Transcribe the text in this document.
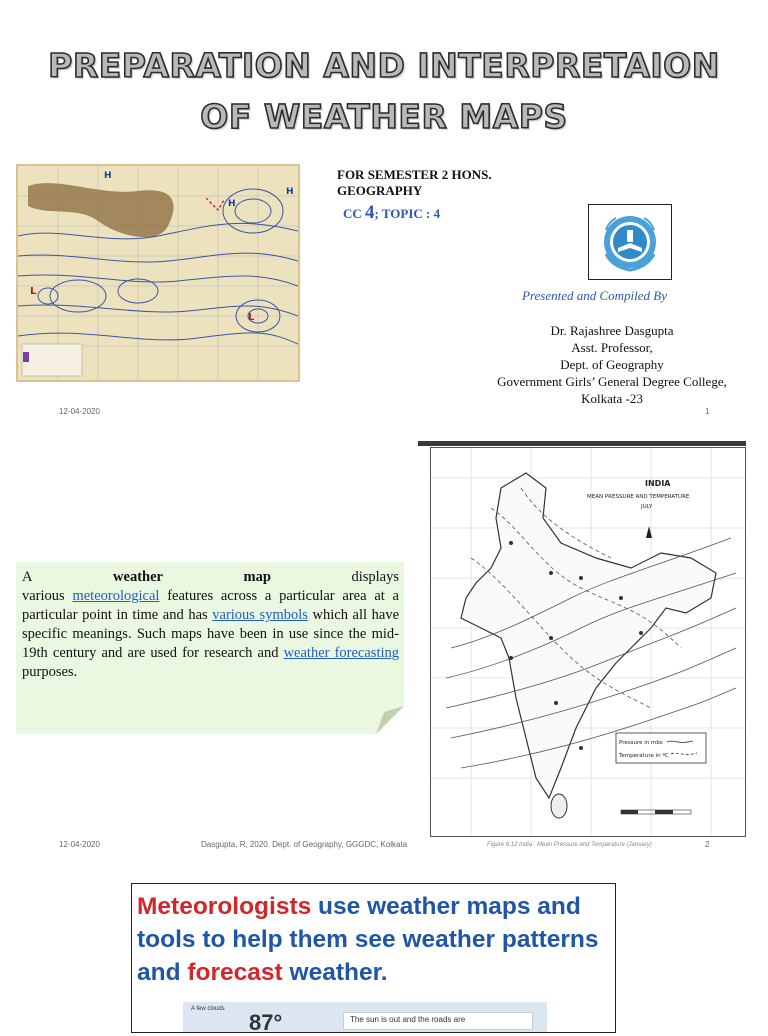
PREPARATION AND INTERPRETAION
OF WEATHER MAPS
H
H
H
L
L
FOR SEMESTER 2 HONS.
GEOGRAPHY
CC 4; TOPIC : 4
Presented and Compiled By
Dr. Rajashree Dasgupta
Asst. Professor,
Dept. of Geography
Government Girls’ General Degree College,
Kolkata -23
12-04-2020	1
INDIA
MEAN PRESSURE AND TEMPERATURE
JULY
Pressure in mbs
Temperature in ºC
Figure 8.12 India : Mean Pressure and Temperature (January)
A	weather	map	displays
various meteorological features across a particular area at a particular point in time and has various symbols which all have specific meanings. Such maps have been in use since the mid-19th century and are used for research and weather forecasting purposes.
12-04-2020	Dasgupta, R, 2020. Dept. of Geography, GGGDC, Kolkata	2
Meteorologists use weather maps and tools to help them see weather patterns and forecast weather.
A few clouds
87°	The sun is out and the roads are
